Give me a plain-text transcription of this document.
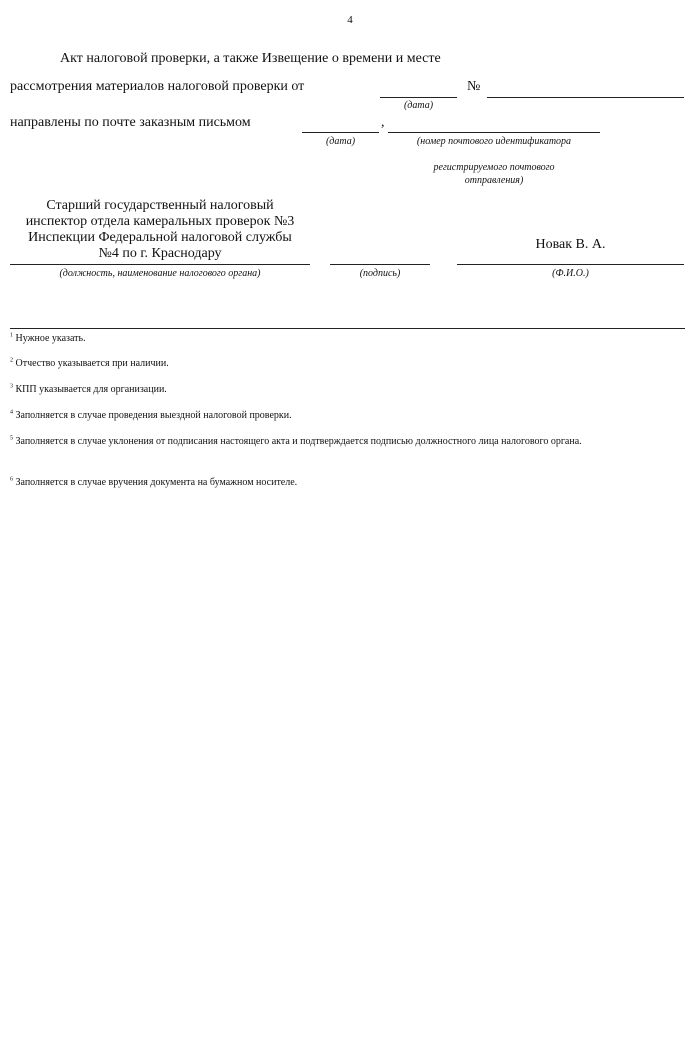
4
Акт налоговой проверки, а также Извещение о времени и месте
рассмотрения материалов налоговой проверки от	№
(дата)
направлены по почте заказным письмом	,
(дата)	(номер почтового идентификатора
регистрируемого почтового
отправления)
Старший государственный налоговый
инспектор отдела камеральных проверок №3
Инспекции Федеральной налоговой службы
№4 по г. Краснодару
Новак В. А.
(должность, наименование налогового органа)	(подпись)	(Ф.И.О.)
$^1$ Нужное указать.
$^2$ Отчество указывается при наличии.
$^3$ КПП указывается для организации.
$^4$ Заполняется в случае проведения выездной налоговой проверки.
$^5$ Заполняется в случае уклонения от подписания настоящего акта и подтверждается подписью должностного лица налогового органа.
$^6$ Заполняется в случае вручения документа на бумажном носителе.
